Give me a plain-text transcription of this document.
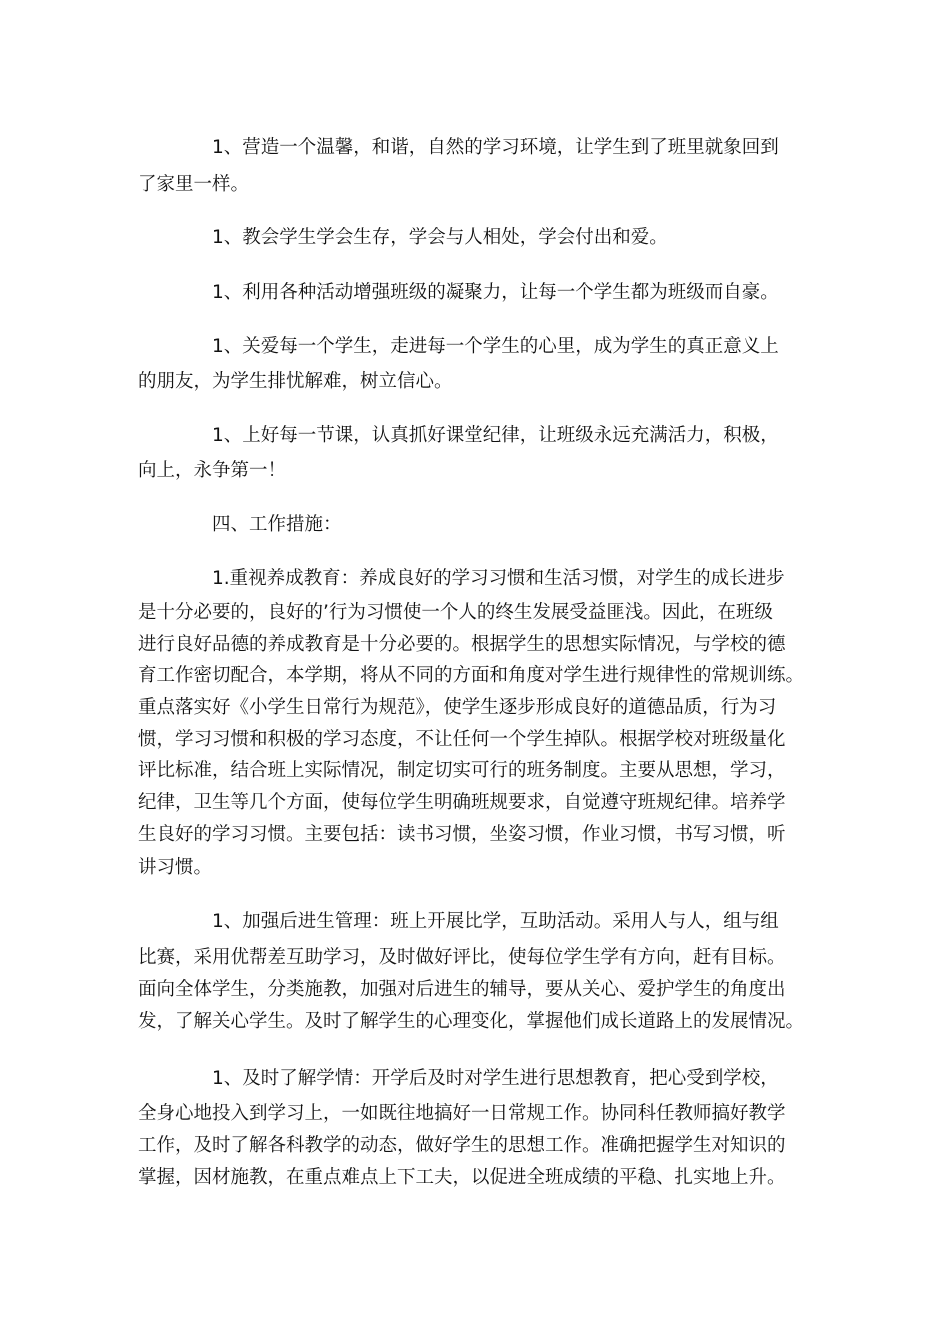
1、营造一个温馨，和谐，自然的学习环境，让学生到了班里就象回到

了家里一样。

1、教会学生学会生存，学会与人相处，学会付出和爱。

1、利用各种活动增强班级的凝聚力，让每一个学生都为班级而自豪。

1、关爱每一个学生，走进每一个学生的心里，成为学生的真正意义上

的朋友，为学生排忧解难，树立信心。

1、上好每一节课，认真抓好课堂纪律，让班级永远充满活力，积极，

向上，永争第一！

四、工作措施：

1.重视养成教育：养成良好的学习习惯和生活习惯，对学生的成长进步

是十分必要的，良好的’行为习惯使一个人的终生发展受益匪浅。因此，在班级

进行良好品德的养成教育是十分必要的。根据学生的思想实际情况，与学校的德

育工作密切配合，本学期，将从不同的方面和角度对学生进行规律性的常规训练。

重点落实好《小学生日常行为规范》，使学生逐步形成良好的道德品质，行为习

惯，学习习惯和积极的学习态度，不让任何一个学生掉队。根据学校对班级量化

评比标准，结合班上实际情况，制定切实可行的班务制度。主要从思想，学习，

纪律，卫生等几个方面，使每位学生明确班规要求，自觉遵守班规纪律。培养学

生良好的学习习惯。主要包括：读书习惯，坐姿习惯，作业习惯，书写习惯，听

讲习惯。

1、加强后进生管理：班上开展比学，互助活动。采用人与人，组与组

比赛，采用优帮差互助学习，及时做好评比，使每位学生学有方向，赶有目标。

面向全体学生，分类施教，加强对后进生的辅导，要从关心、爱护学生的角度出

发，了解关心学生。及时了解学生的心理变化，掌握他们成长道路上的发展情况。

1、及时了解学情：开学后及时对学生进行思想教育，把心受到学校，

全身心地投入到学习上，一如既往地搞好一日常规工作。协同科任教师搞好教学

工作，及时了解各科教学的动态，做好学生的思想工作。准确把握学生对知识的

掌握，因材施教，在重点难点上下工夫，以促进全班成绩的平稳、扎实地上升。
